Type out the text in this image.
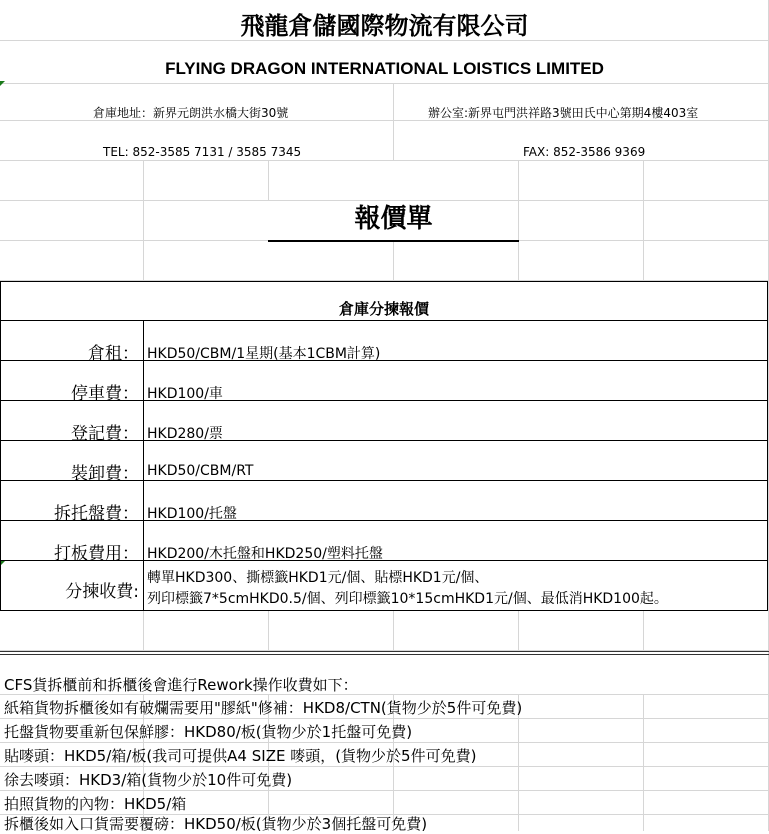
飛龍倉儲國際物流有限公司
FLYING DRAGON INTERNATIONAL LOISTICS LIMITED
倉庫地址：新界元朗洪水橋大街30號	辦公室:新界屯門洪祥路3號田氏中心第期4樓403室
TEL: 852-3585 7131 / 3585 7345	FAX: 852-3586 9369
報價單
倉庫分揀報價
倉租： HKD50/CBM/1星期(基本1CBM計算)
停車費： HKD100/車
登記費： HKD280/票
裝卸費： HKD50/CBM/RT
拆托盤費： HKD100/托盤
打板費用： HKD200/木托盤和HKD250/塑料托盤
分揀收費:
轉單HKD300、撕標籤HKD1元/個、貼標HKD1元/個、
列印標籤7*5cmHKD0.5/個、列印標籤10*15cmHKD1元/個、最低消HKD100起。
CFS貨拆櫃前和拆櫃後會進行Rework操作收費如下：
紙箱貨物拆櫃後如有破爛需要用"膠紙"修補：HKD8/CTN(貨物少於5件可免費)
托盤貨物要重新包保鮮膠：HKD80/板(貨物少於1托盤可免費)
貼嘜頭：HKD5/箱/板(我司可提供A4 SIZE 嘜頭，(貨物少於5件可免費)
徐去嘜頭：HKD3/箱(貨物少於10件可免費)
拍照貨物的內物：HKD5/箱
拆櫃後如入口貨需要覆磅：HKD50/板(貨物少於3個托盤可免費)
